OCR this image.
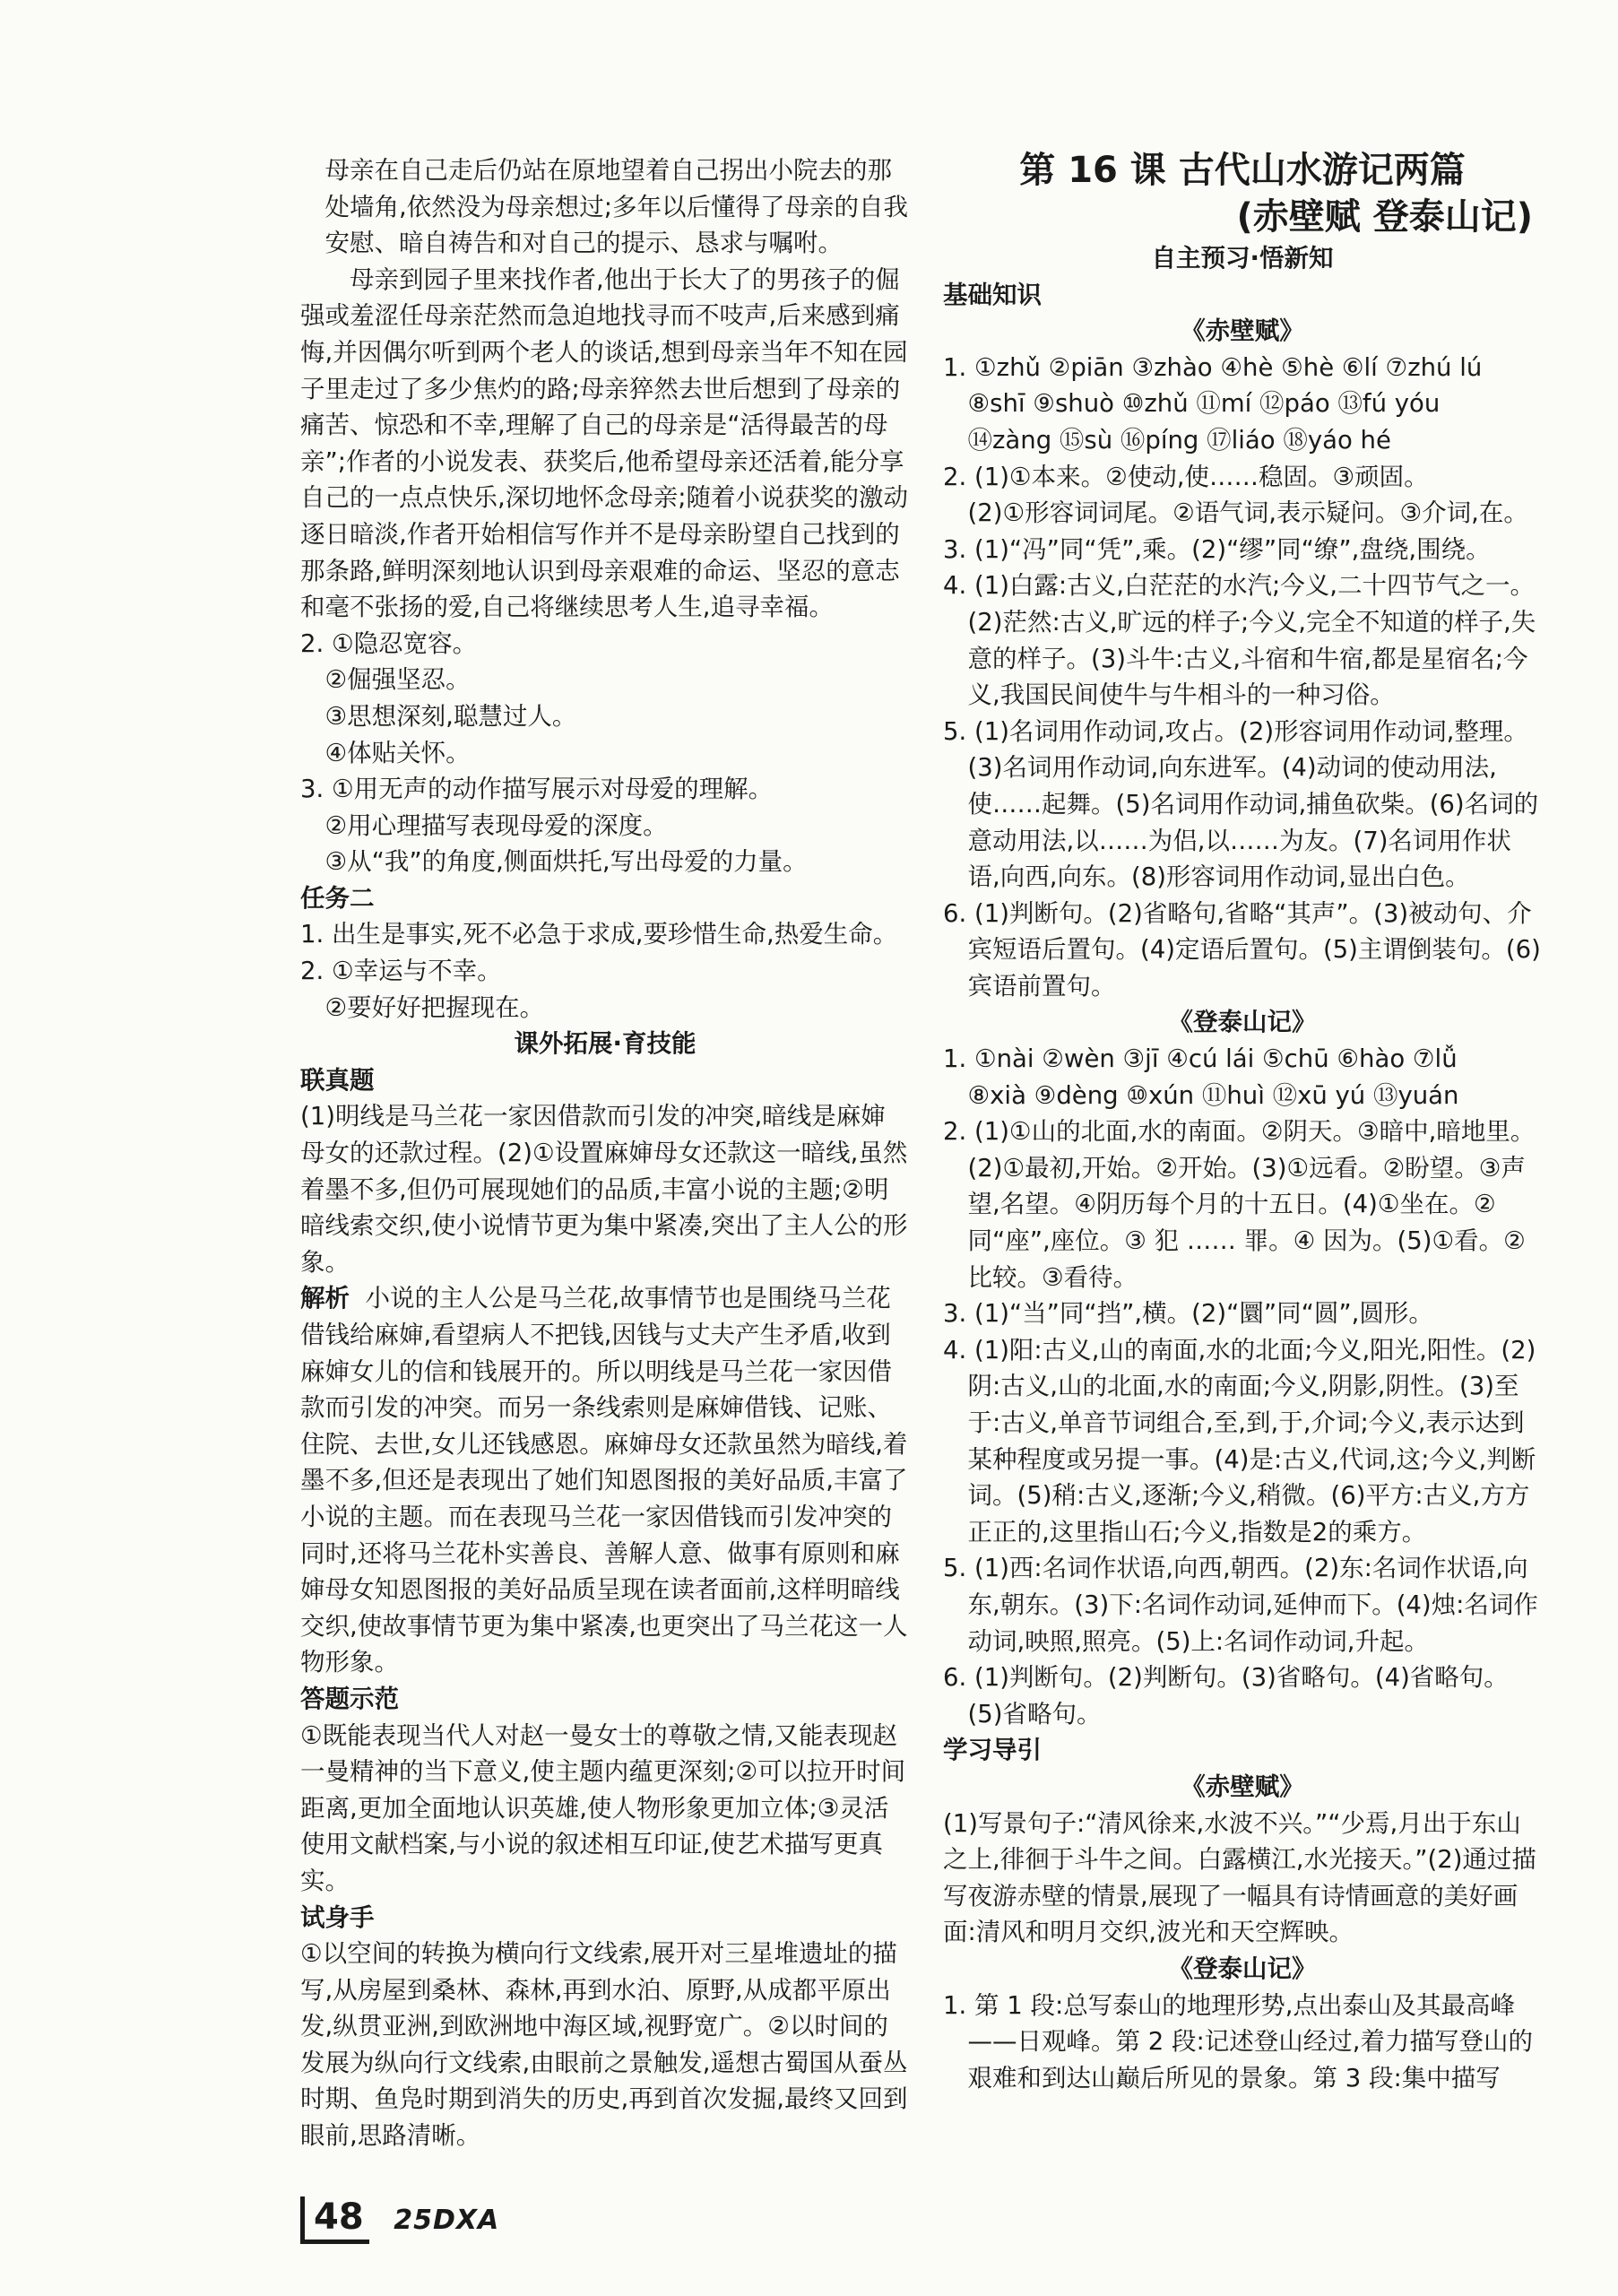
母亲在自己走后仍站在原地望着自己拐出小院去的那处墙角,依然没为母亲想过;多年以后懂得了母亲的自我安慰、暗自祷告和对自己的提示、恳求与嘱咐。

母亲到园子里来找作者,他出于长大了的男孩子的倔强或羞涩任母亲茫然而急迫地找寻而不吱声,后来感到痛悔,并因偶尔听到两个老人的谈话,想到母亲当年不知在园子里走过了多少焦灼的路;母亲猝然去世后想到了母亲的痛苦、惊恐和不幸,理解了自己的母亲是“活得最苦的母亲”;作者的小说发表、获奖后,他希望母亲还活着,能分享自己的一点点快乐,深切地怀念母亲;随着小说获奖的激动逐日暗淡,作者开始相信写作并不是母亲盼望自己找到的那条路,鲜明深刻地认识到母亲艰难的命运、坚忍的意志和毫不张扬的爱,自己将继续思考人生,追寻幸福。

2. ①隐忍宽容。

②倔强坚忍。

③思想深刻,聪慧过人。

④体贴关怀。

3. ①用无声的动作描写展示对母爱的理解。

②用心理描写表现母爱的深度。

③从“我”的角度,侧面烘托,写出母爱的力量。

任务二

1. 出生是事实,死不必急于求成,要珍惜生命,热爱生命。

2. ①幸运与不幸。

②要好好把握现在。

课外拓展·育技能

联真题

(1)明线是马兰花一家因借款而引发的冲突,暗线是麻婶母女的还款过程。(2)①设置麻婶母女还款这一暗线,虽然着墨不多,但仍可展现她们的品质,丰富小说的主题;②明暗线索交织,使小说情节更为集中紧凑,突出了主人公的形象。

解析 小说的主人公是马兰花,故事情节也是围绕马兰花借钱给麻婶,看望病人不把钱,因钱与丈夫产生矛盾,收到麻婶女儿的信和钱展开的。所以明线是马兰花一家因借款而引发的冲突。而另一条线索则是麻婶借钱、记账、住院、去世,女儿还钱感恩。麻婶母女还款虽然为暗线,着墨不多,但还是表现出了她们知恩图报的美好品质,丰富了小说的主题。而在表现马兰花一家因借钱而引发冲突的同时,还将马兰花朴实善良、善解人意、做事有原则和麻婶母女知恩图报的美好品质呈现在读者面前,这样明暗线交织,使故事情节更为集中紧凑,也更突出了马兰花这一人物形象。

答题示范

①既能表现当代人对赵一曼女士的尊敬之情,又能表现赵一曼精神的当下意义,使主题内蕴更深刻;②可以拉开时间距离,更加全面地认识英雄,使人物形象更加立体;③灵活使用文献档案,与小说的叙述相互印证,使艺术描写更真实。

试身手

①以空间的转换为横向行文线索,展开对三星堆遗址的描写,从房屋到桑林、森林,再到水泊、原野,从成都平原出发,纵贯亚洲,到欧洲地中海区域,视野宽广。②以时间的发展为纵向行文线索,由眼前之景触发,遥想古蜀国从蚕丛时期、鱼凫时期到消失的历史,再到首次发掘,最终又回到眼前,思路清晰。

第 16 课 古代山水游记两篇

(赤壁赋 登泰山记)

自主预习·悟新知

基础知识

《赤壁赋》

1. ①zhǔ ②piān ③zhào ④hè ⑤hè ⑥lí ⑦zhú lú

⑧shī ⑨shuò ⑩zhǔ ⑪mí ⑫páo ⑬fú yóu

⑭zàng ⑮sù ⑯píng ⑰liáo ⑱yáo hé

2. (1)①本来。②使动,使……稳固。③顽固。

(2)①形容词词尾。②语气词,表示疑问。③介词,在。

3. (1)“冯”同“凭”,乘。(2)“缪”同“缭”,盘绕,围绕。

4. (1)白露:古义,白茫茫的水汽;今义,二十四节气之一。(2)茫然:古义,旷远的样子;今义,完全不知道的样子,失意的样子。(3)斗牛:古义,斗宿和牛宿,都是星宿名;今义,我国民间使牛与牛相斗的一种习俗。

5. (1)名词用作动词,攻占。(2)形容词用作动词,整理。(3)名词用作动词,向东进军。(4)动词的使动用法,使……起舞。(5)名词用作动词,捕鱼砍柴。(6)名词的意动用法,以……为侣,以……为友。(7)名词用作状语,向西,向东。(8)形容词用作动词,显出白色。

6. (1)判断句。(2)省略句,省略“其声”。(3)被动句、介宾短语后置句。(4)定语后置句。(5)主谓倒装句。(6)宾语前置句。

《登泰山记》

1. ①nài ②wèn ③jī ④cú lái ⑤chū ⑥hào ⑦lǚ

⑧xià ⑨dèng ⑩xún ⑪huì ⑫xū yú ⑬yuán

2. (1)①山的北面,水的南面。②阴天。③暗中,暗地里。(2)①最初,开始。②开始。(3)①远看。②盼望。③声望,名望。④阴历每个月的十五日。(4)①坐在。② 同“座”,座位。③ 犯 …… 罪。④ 因为。(5)①看。②比较。③看待。

3. (1)“当”同“挡”,横。(2)“圜”同“圆”,圆形。

4. (1)阳:古义,山的南面,水的北面;今义,阳光,阳性。(2)阴:古义,山的北面,水的南面;今义,阴影,阴性。(3)至于:古义,单音节词组合,至,到,于,介词;今义,表示达到某种程度或另提一事。(4)是:古义,代词,这;今义,判断词。(5)稍:古义,逐渐;今义,稍微。(6)平方:古义,方方正正的,这里指山石;今义,指数是2的乘方。

5. (1)西:名词作状语,向西,朝西。(2)东:名词作状语,向东,朝东。(3)下:名词作动词,延伸而下。(4)烛:名词作动词,映照,照亮。(5)上:名词作动词,升起。

6. (1)判断句。(2)判断句。(3)省略句。(4)省略句。(5)省略句。

学习导引

《赤壁赋》

(1)写景句子:“清风徐来,水波不兴。”“少焉,月出于东山之上,徘徊于斗牛之间。白露横江,水光接天。”(2)通过描写夜游赤壁的情景,展现了一幅具有诗情画意的美好画面:清风和明月交织,波光和天空辉映。

《登泰山记》

1. 第 1 段:总写泰山的地理形势,点出泰山及其最高峰——日观峰。第 2 段:记述登山经过,着力描写登山的艰难和到达山巅后所见的景象。第 3 段:集中描写

48 25DXA
